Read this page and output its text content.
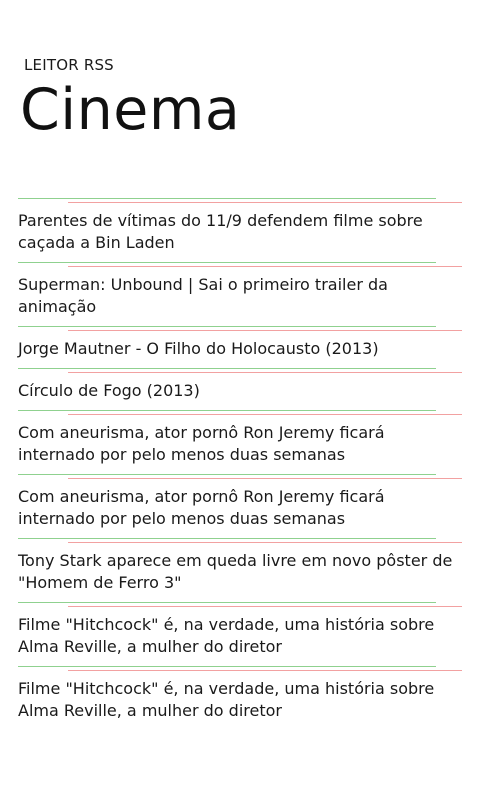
LEITOR RSS
Cinema
Parentes de vítimas do 11/9 defendem filme sobre caçada a Bin Laden
Superman: Unbound | Sai o primeiro trailer da animação
Jorge Mautner - O Filho do Holocausto (2013)
Círculo de Fogo (2013)
Com aneurisma, ator pornô Ron Jeremy ficará internado por pelo menos duas semanas
Com aneurisma, ator pornô Ron Jeremy ficará internado por pelo menos duas semanas
Tony Stark aparece em queda livre em novo pôster de "Homem de Ferro 3"
Filme "Hitchcock" é, na verdade, uma história sobre Alma Reville, a mulher do diretor
Filme "Hitchcock" é, na verdade, uma história sobre Alma Reville, a mulher do diretor
